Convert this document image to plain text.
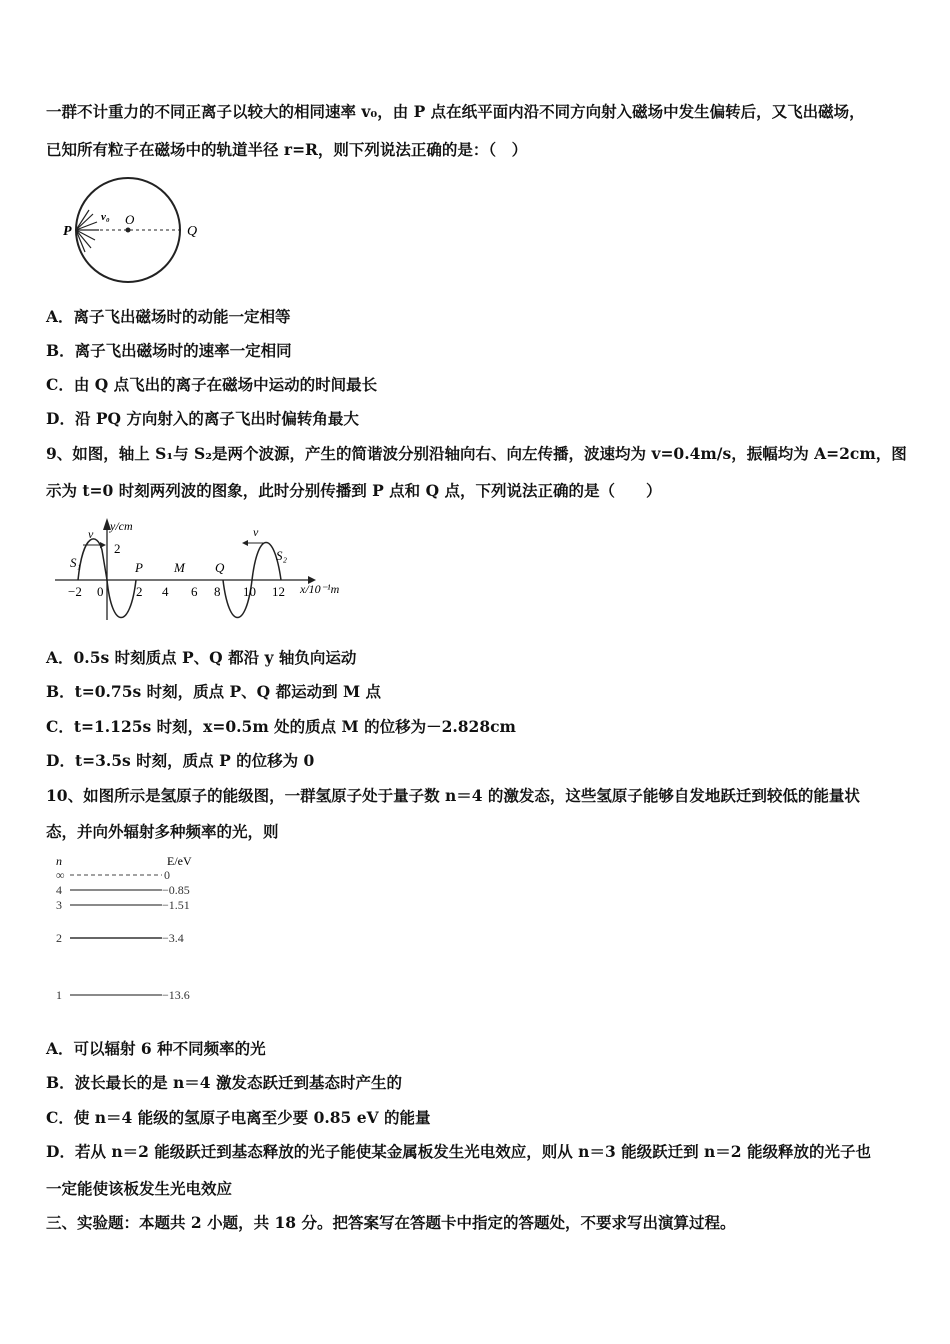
一群不计重力的不同正离子以较大的相同速率 v₀，由 P 点在纸平面内沿不同方向射入磁场中发生偏转后，又飞出磁场，
已知所有粒子在磁场中的轨道半径 r=R，则下列说法正确的是：（　）
P
O
Q
v₀
A．离子飞出磁场时的动能一定相等
B．离子飞出磁场时的速率一定相同
C．由 Q 点飞出的离子在磁场中运动的时间最长
D．沿 PQ 方向射入的离子飞出时偏转角最大
9、如图，轴上 S₁与 S₂是两个波源，产生的简谐波分别沿轴向右、向左传播，波速均为 v=0.4m/s，振幅均为 A=2cm，图
示为 t=0 时刻两列波的图象，此时分别传播到 P 点和 Q 点，下列说法正确的是（　　）
y/cm
2
x/10⁻¹m
−2 0	2 4 6 8 10 12
S₁	S₂
P M Q
v	v
A．0.5s 时刻质点 P、Q 都沿 y 轴负向运动
B．t=0.75s 时刻，质点 P、Q 都运动到 M 点
C．t=1.125s 时刻，x=0.5m 处的质点 M 的位移为－2.828cm
D．t=3.5s 时刻，质点 P 的位移为 0
10、如图所示是氢原子的能级图，一群氢原子处于量子数 n＝4 的激发态，这些氢原子能够自发地跃迁到较低的能量状
态，并向外辐射多种频率的光，则
n	E/eV
∞	0
4	−0.85
3	−1.51
2	−3.4
1	−13.6
A．可以辐射 6 种不同频率的光
B．波长最长的是 n＝4 激发态跃迁到基态时产生的
C．使 n＝4 能级的氢原子电离至少要 0.85 eV 的能量
D．若从 n＝2 能级跃迁到基态释放的光子能使某金属板发生光电效应，则从 n＝3 能级跃迁到 n＝2 能级释放的光子也
一定能使该板发生光电效应
三、实验题：本题共 2 小题，共 18 分。把答案写在答题卡中指定的答题处，不要求写出演算过程。
